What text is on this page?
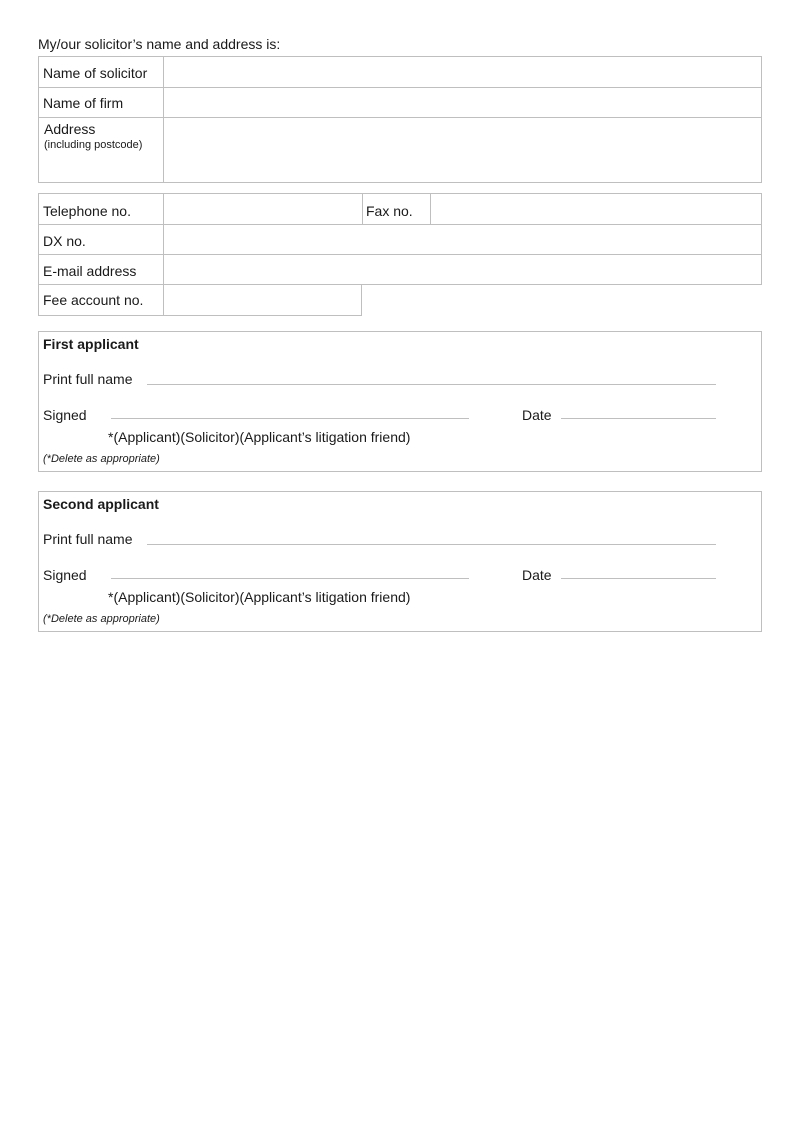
My/our solicitor’s name and address is:
Name of solicitor
Name of firm
Address
(including postcode)
Telephone no.	Fax no.
DX no.
E-mail address
Fee account no.
First applicant
Print full name
Signed	Date
*(Applicant)(Solicitor)(Applicant’s litigation friend)
(*Delete as appropriate)
Second applicant
Print full name
Signed	Date
*(Applicant)(Solicitor)(Applicant’s litigation friend)
(*Delete as appropriate)
